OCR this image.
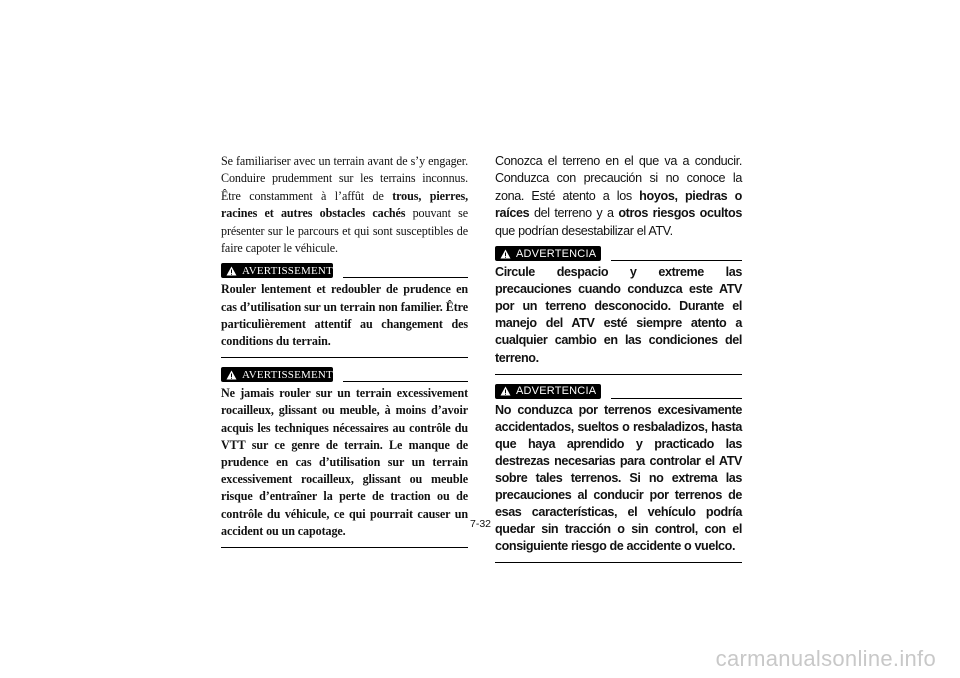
Se familiariser avec un terrain avant de s’y engager. Conduire prudemment sur les terrains inconnus. Être constamment à l’affût de trous, pierres, racines et autres obstacles cachés pouvant se présenter sur le parcours et qui sont susceptibles de faire capoter le véhicule.

AVERTISSEMENT

Rouler lentement et redoubler de prudence en cas d’utilisation sur un terrain non familier. Être particulièrement attentif au changement des conditions du terrain.

AVERTISSEMENT

Ne jamais rouler sur un terrain excessivement rocailleux, glissant ou meuble, à moins d’avoir acquis les techniques nécessaires au contrôle du VTT sur ce genre de terrain. Le manque de prudence en cas d’utilisation sur un terrain excessivement rocailleux, glissant ou meuble risque d’entraîner la perte de traction ou de contrôle du véhicule, ce qui pourrait causer un accident ou un capotage.

Conozca el terreno en el que va a conducir. Conduzca con precaución si no conoce la zona. Esté atento a los hoyos, piedras o raíces del terreno y a otros riesgos ocultos que podrían desestabilizar el ATV.

ADVERTENCIA

Circule despacio y extreme las precauciones cuando conduzca este ATV por un terreno desconocido. Durante el manejo del ATV esté siempre atento a cualquier cambio en las condiciones del terreno.

ADVERTENCIA

No conduzca por terrenos excesivamente accidentados, sueltos o resbaladizos, hasta que haya aprendido y practicado las destrezas necesarias para controlar el ATV sobre tales terrenos. Si no extrema las precauciones al conducir por terrenos de esas características, el vehículo podría quedar sin tracción o sin control, con el consiguiente riesgo de accidente o vuelco.

7-32
carmanualsonline.info
